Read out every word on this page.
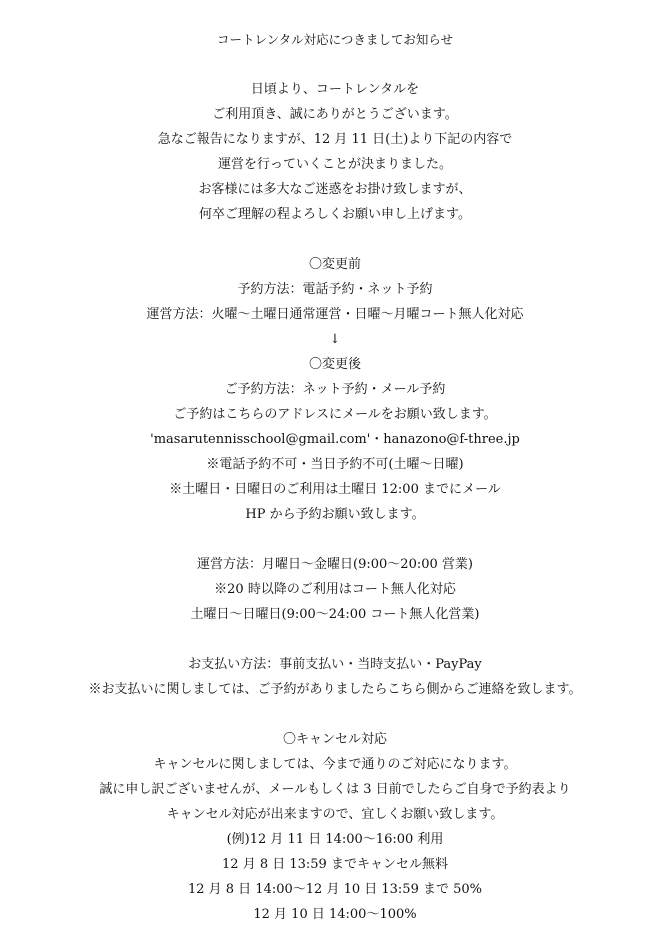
コートレンタル対応につきましてお知らせ
日頃より、コートレンタルを
ご利用頂き、誠にありがとうございます。
急なご報告になりますが、12 月 11 日(土)より下記の内容で
運営を行っていくことが決まりました。
お客様には多大なご迷惑をお掛け致しますが、
何卒ご理解の程よろしくお願い申し上げます。
〇変更前
予約方法：電話予約・ネット予約
運営方法：火曜～土曜日通常運営・日曜～月曜コート無人化対応
↓
〇変更後
ご予約方法：ネット予約・メール予約
ご予約はこちらのアドレスにメールをお願い致します。
'masarutennisschool@gmail.com'・hanazono@f-three.jp
※電話予約不可・当日予約不可(土曜～日曜)
※土曜日・日曜日のご利用は土曜日 12:00 までにメール
HP から予約お願い致します。
運営方法：月曜日～金曜日(9:00～20:00 営業)
※20 時以降のご利用はコート無人化対応
土曜日～日曜日(9:00～24:00 コート無人化営業)
お支払い方法：事前支払い・当時支払い・PayPay
※お支払いに関しましては、ご予約がありましたらこちら側からご連絡を致します。
〇キャンセル対応
キャンセルに関しましては、今まで通りのご対応になります。
誠に申し訳ございませんが、メールもしくは 3 日前でしたらご自身で予約表より
キャンセル対応が出来ますので、宜しくお願い致します。
(例)12 月 11 日 14:00～16:00 利用
12 月 8 日 13:59 までキャンセル無料
12 月 8 日 14:00～12 月 10 日 13:59 まで 50%
12 月 10 日 14:00～100%
